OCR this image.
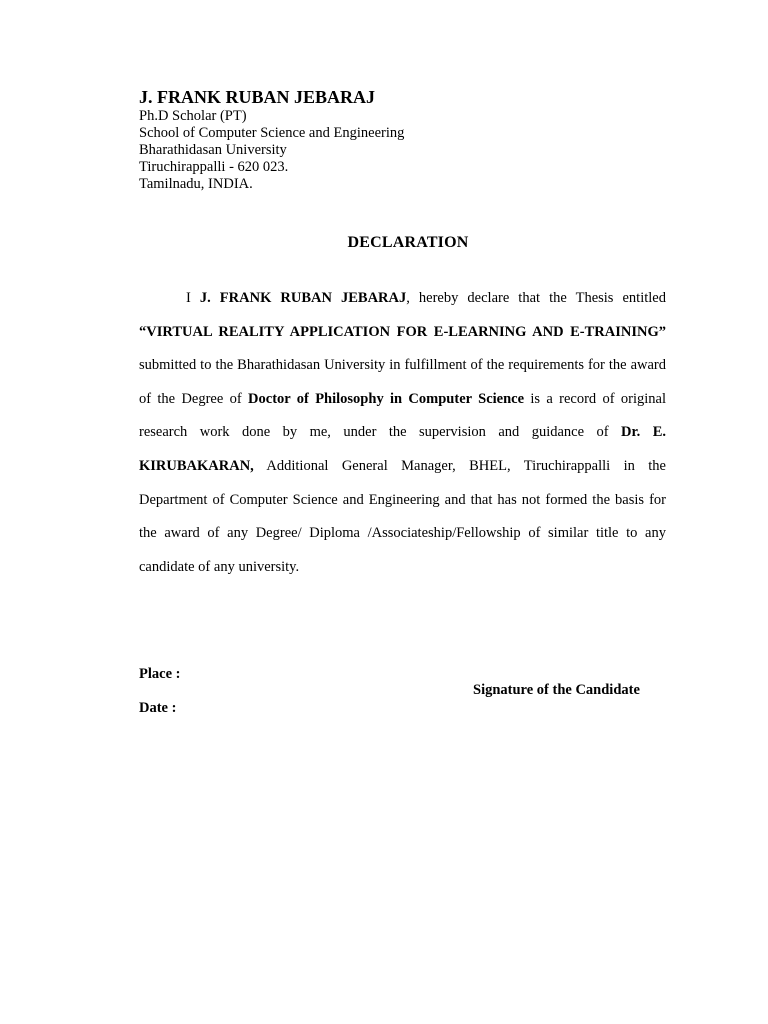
J. FRANK RUBAN JEBARAJ

Ph.D Scholar (PT)

School of Computer Science and Engineering

Bharathidasan University

Tiruchirappalli - 620 023.

Tamilnadu, INDIA.

DECLARATION

I J. FRANK RUBAN JEBARAJ, hereby declare that the Thesis entitled “VIRTUAL REALITY APPLICATION FOR E-LEARNING AND E-TRAINING” submitted to the Bharathidasan University in fulfillment of the requirements for the award of the Degree of Doctor of Philosophy in Computer Science is a record of original research work done by me, under the supervision and guidance of Dr. E. KIRUBAKARAN, Additional General Manager, BHEL, Tiruchirappalli in the Department of Computer Science and Engineering and that has not formed the basis for the award of any Degree/ Diploma /Associateship/Fellowship of similar title to any candidate of any university.

Place :

Signature of the Candidate

Date :
